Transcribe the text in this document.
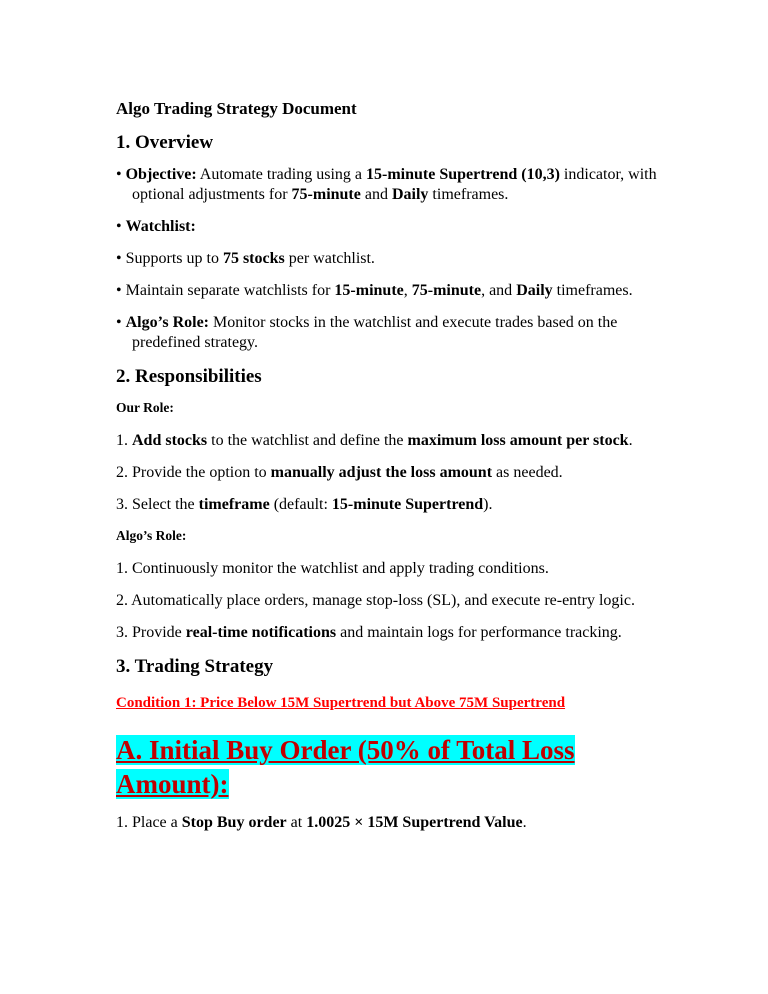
Algo Trading Strategy Document
1. Overview

• Objective: Automate trading using a 15-minute Supertrend (10,3) indicator, with optional adjustments for 75-minute and Daily timeframes.

• Watchlist:

• Supports up to 75 stocks per watchlist.

• Maintain separate watchlists for 15-minute, 75-minute, and Daily timeframes.

• Algo’s Role: Monitor stocks in the watchlist and execute trades based on the predefined strategy.

2. Responsibilities
Our Role:

1. Add stocks to the watchlist and define the maximum loss amount per stock.

2. Provide the option to manually adjust the loss amount as needed.

3. Select the timeframe (default: 15-minute Supertrend).

Algo’s Role:

1. Continuously monitor the watchlist and apply trading conditions.

2. Automatically place orders, manage stop-loss (SL), and execute re-entry logic.

3. Provide real-time notifications and maintain logs for performance tracking.

3. Trading Strategy
Condition 1: Price Below 15M Supertrend but Above 75M Supertrend
A. Initial Buy Order (50% of Total Loss Amount):

1. Place a Stop Buy order at 1.0025 × 15M Supertrend Value.
